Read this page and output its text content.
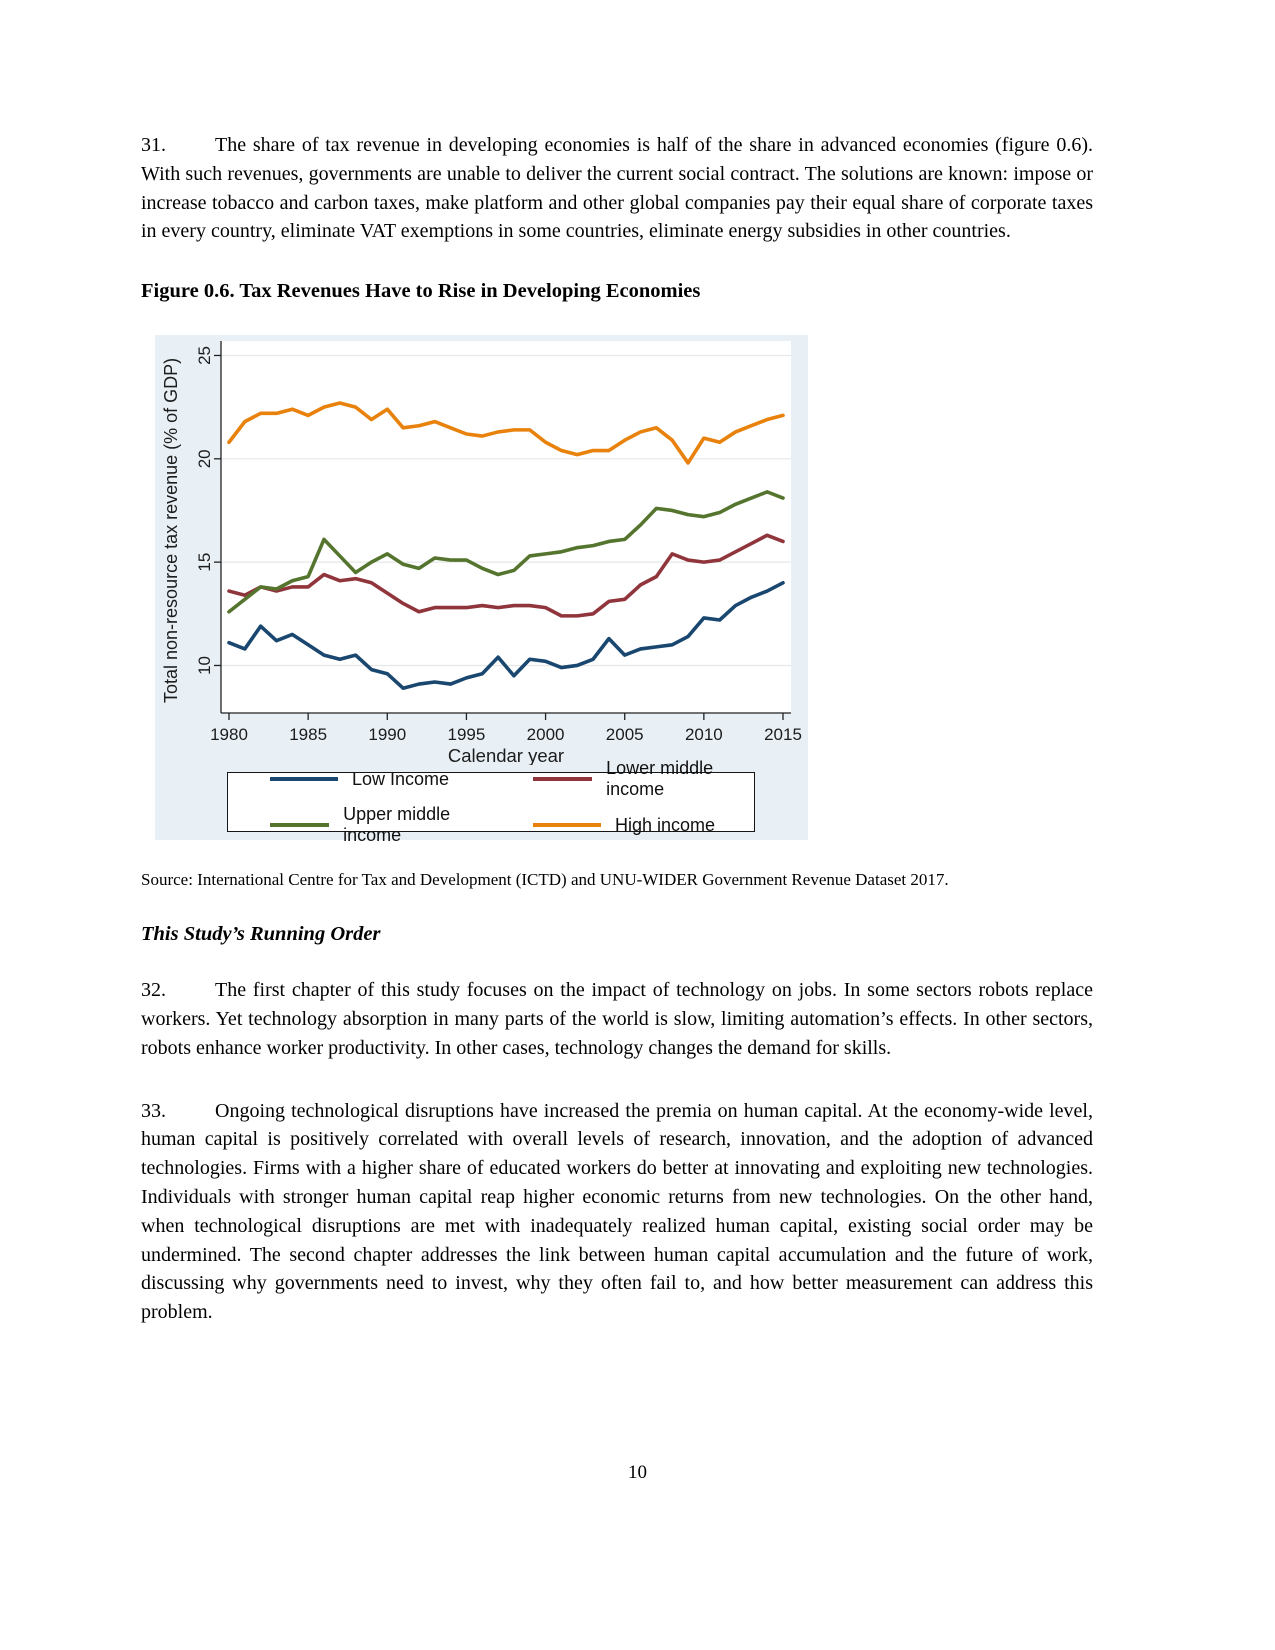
31. The share of tax revenue in developing economies is half of the share in advanced economies (figure 0.6). With such revenues, governments are unable to deliver the current social contract. The solutions are known: impose or increase tobacco and carbon taxes, make platform and other global companies pay their equal share of corporate taxes in every country, eliminate VAT exemptions in some countries, eliminate energy subsidies in other countries.

Figure 0.6. Tax Revenues Have to Rise in Developing Economies
Total non-resource tax revenue (% of GDP) 10
15
20
25
1980 1985 1990 1995 2000 2005 2010 2015
Calendar year
Low Income
Lower middle income
Upper middle income
High income

Source: International Centre for Tax and Development (ICTD) and UNU-WIDER Government Revenue Dataset 2017.

This Study’s Running Order

32. The first chapter of this study focuses on the impact of technology on jobs. In some sectors robots replace workers. Yet technology absorption in many parts of the world is slow, limiting automation’s effects. In other sectors, robots enhance worker productivity. In other cases, technology changes the demand for skills.

33. Ongoing technological disruptions have increased the premia on human capital. At the economy-wide level, human capital is positively correlated with overall levels of research, innovation, and the adoption of advanced technologies. Firms with a higher share of educated workers do better at innovating and exploiting new technologies. Individuals with stronger human capital reap higher economic returns from new technologies. On the other hand, when technological disruptions are met with inadequately realized human capital, existing social order may be undermined. The second chapter addresses the link between human capital accumulation and the future of work, discussing why governments need to invest, why they often fail to, and how better measurement can address this problem.

10
